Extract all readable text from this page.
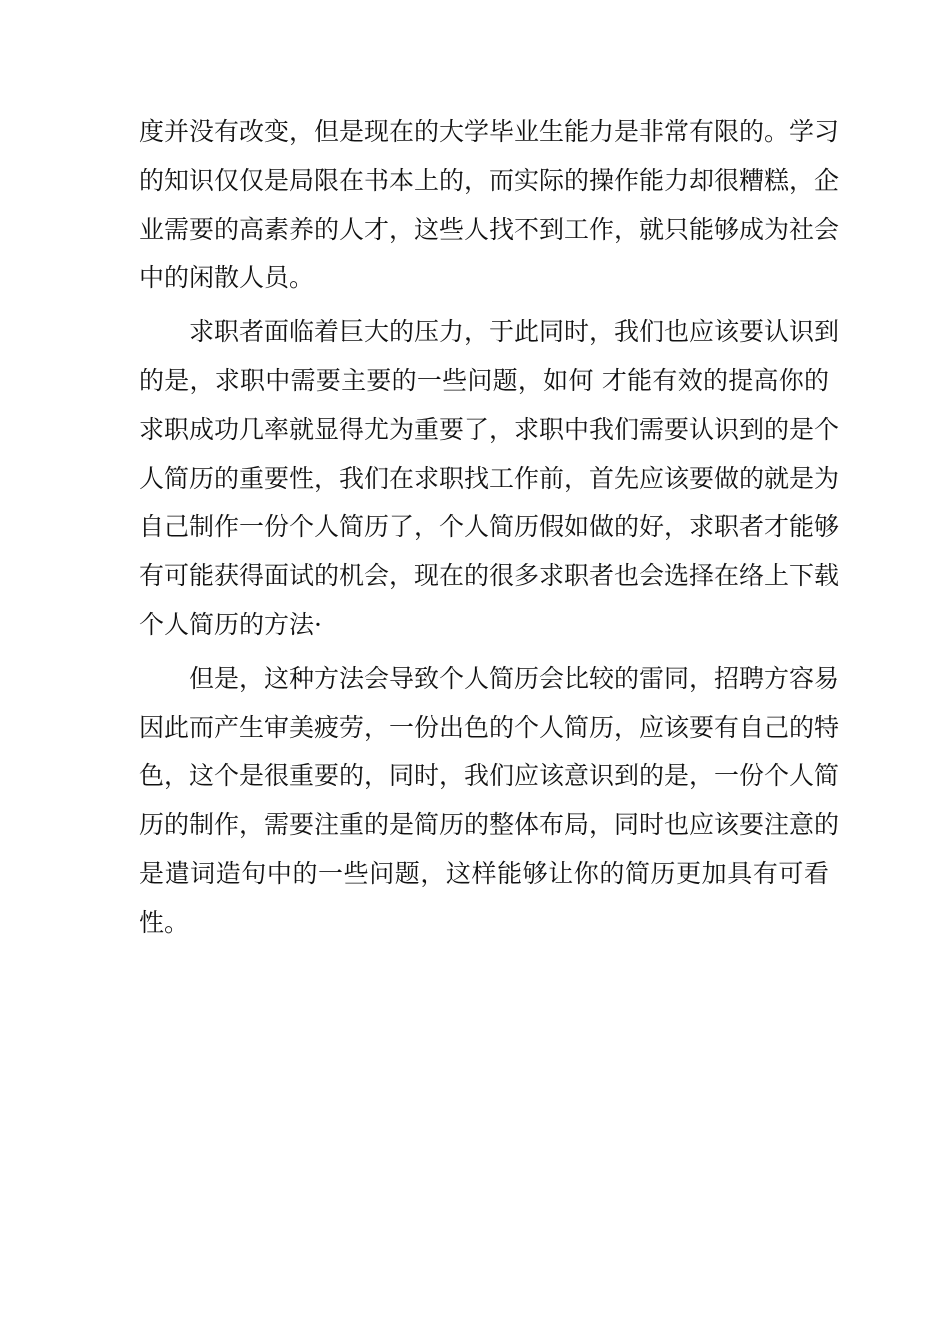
度并没有改变，但是现在的大学毕业生能力是非常有限的。学习
的知识仅仅是局限在书本上的，而实际的操作能力却很糟糕，企
业需要的高素养的人才，这些人找不到工作，就只能够成为社会
中的闲散人员。

求职者面临着巨大的压力，于此同时，我们也应该要认识到
的是，求职中需要主要的一些问题，如何 才能有效的提高你的
求职成功几率就显得尤为重要了，求职中我们需要认识到的是个
人简历的重要性，我们在求职找工作前，首先应该要做的就是为
自己制作一份个人简历了，个人简历假如做的好，求职者才能够
有可能获得面试的机会，现在的很多求职者也会选择在络上下载
个人简历的方法·

但是，这种方法会导致个人简历会比较的雷同，招聘方容易
因此而产生审美疲劳，一份出色的个人简历，应该要有自己的特
色，这个是很重要的，同时，我们应该意识到的是，一份个人简
历的制作，需要注重的是简历的整体布局，同时也应该要注意的
是遣词造句中的一些问题，这样能够让你的简历更加具有可看
性。
